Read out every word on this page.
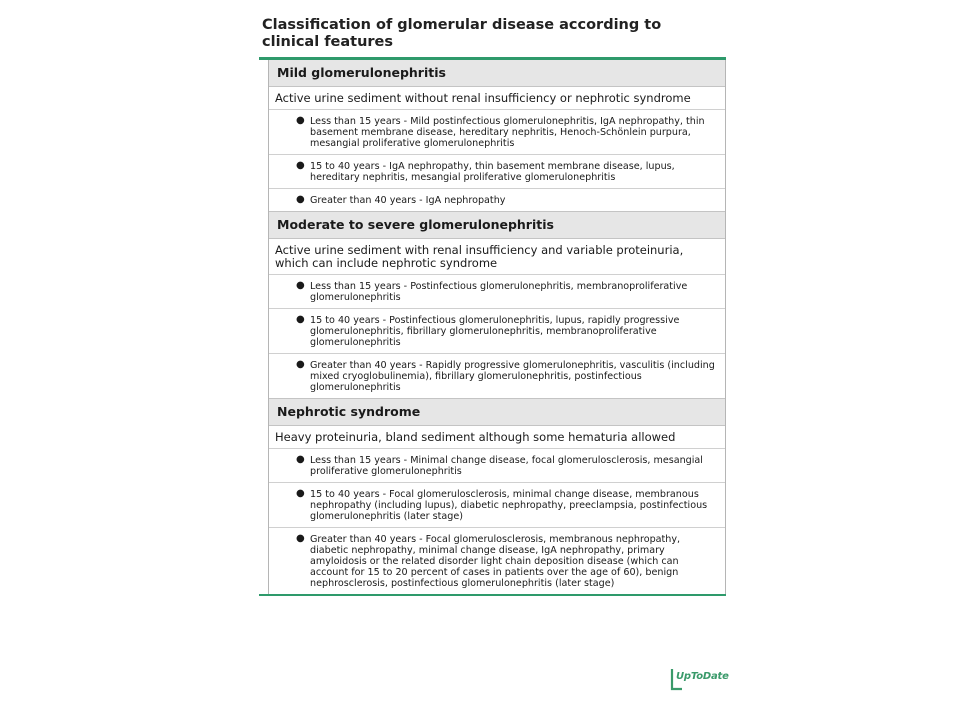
Classification of glomerular disease according to clinical features
Mild glomerulonephritis
Active urine sediment without renal insufficiency or nephrotic syndrome
● Less than 15 years - Mild postinfectious glomerulonephritis, IgA nephropathy, thin basement membrane disease, hereditary nephritis, Henoch-Schönlein purpura, mesangial proliferative glomerulonephritis
● 15 to 40 years - IgA nephropathy, thin basement membrane disease, lupus, hereditary nephritis, mesangial proliferative glomerulonephritis
● Greater than 40 years - IgA nephropathy
Moderate to severe glomerulonephritis
Active urine sediment with renal insufficiency and variable proteinuria, which can include nephrotic syndrome
● Less than 15 years - Postinfectious glomerulonephritis, membranoproliferative glomerulonephritis
● 15 to 40 years - Postinfectious glomerulonephritis, lupus, rapidly progressive glomerulonephritis, fibrillary glomerulonephritis, membranoproliferative glomerulonephritis
● Greater than 40 years - Rapidly progressive glomerulonephritis, vasculitis (including mixed cryoglobulinemia), fibrillary glomerulonephritis, postinfectious glomerulonephritis
Nephrotic syndrome
Heavy proteinuria, bland sediment although some hematuria allowed
● Less than 15 years - Minimal change disease, focal glomerulosclerosis, mesangial proliferative glomerulonephritis
● 15 to 40 years - Focal glomerulosclerosis, minimal change disease, membranous nephropathy (including lupus), diabetic nephropathy, preeclampsia, postinfectious glomerulonephritis (later stage)
● Greater than 40 years - Focal glomerulosclerosis, membranous nephropathy, diabetic nephropathy, minimal change disease, IgA nephropathy, primary amyloidosis or the related disorder light chain deposition disease (which can account for 15 to 20 percent of cases in patients over the age of 60), benign nephrosclerosis, postinfectious glomerulonephritis (later stage)
UpToDate
